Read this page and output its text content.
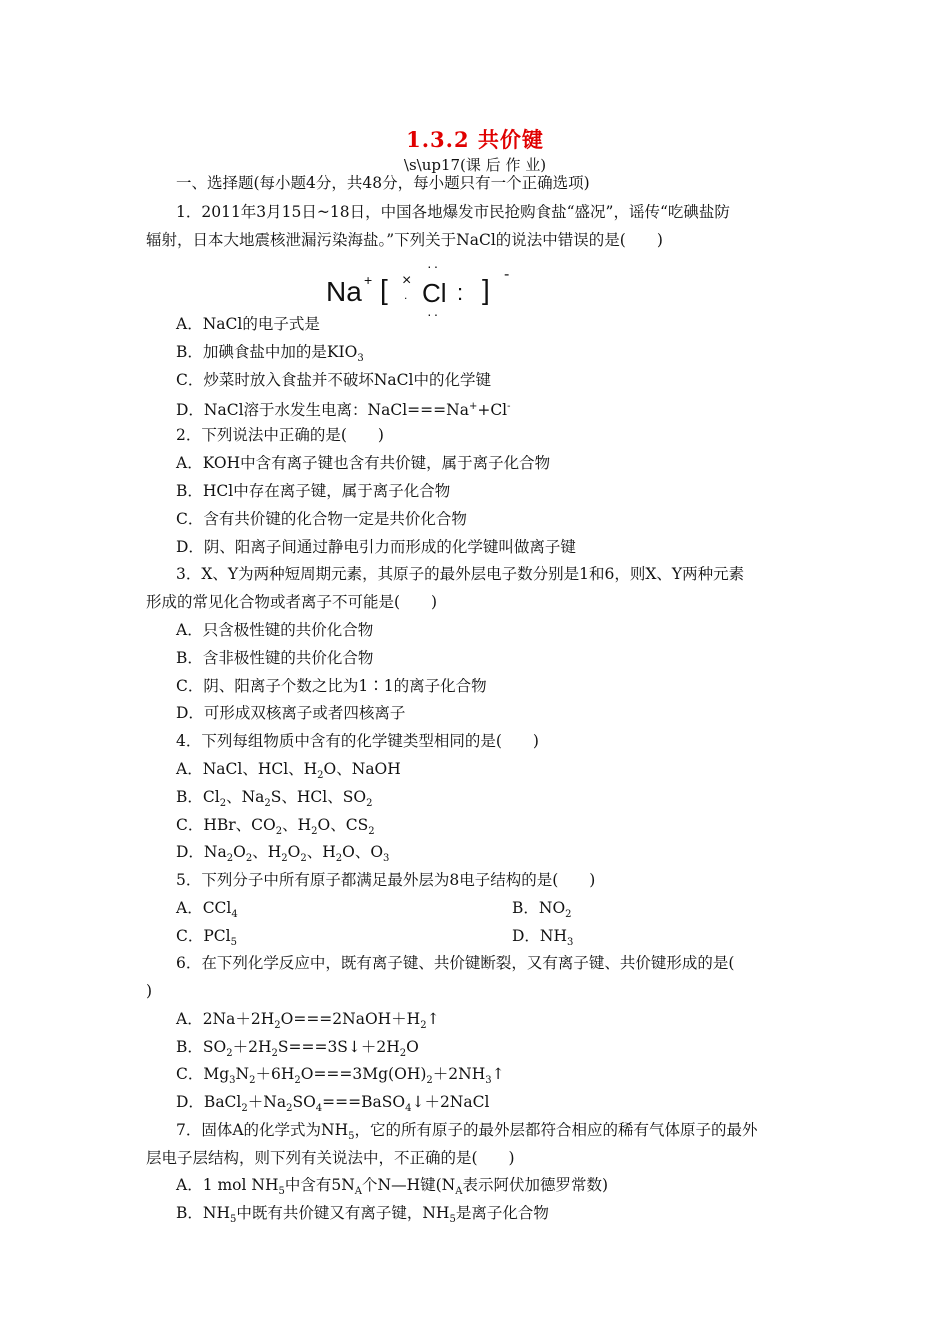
1.3.2 共价键
\s\up17(课 后 作 业)
一、选择题(每小题4分，共48分，每小题只有一个正确选项)
1．2011年3月15日~18日，中国各地爆发市民抢购食盐“盛况”，谣传“吃碘盐防
辐射，日本大地震核泄漏污染海盐。”下列关于NaCl的说法中错误的是(　　)
Na + [ ×
.
··
Cl :
··
] -
A．NaCl的电子式是
B．加碘食盐中加的是$KIO_3$
C．炒菜时放入食盐并不破坏NaCl中的化学键
D．NaCl溶于水发生电离：NaCl===Na++Cl-
2．下列说法中正确的是(　　)
A．KOH中含有离子键也含有共价键，属于离子化合物
B．HCl中存在离子键，属于离子化合物
C．含有共价键的化合物一定是共价化合物
D．阴、阳离子间通过静电引力而形成的化学键叫做离子键
3．X、Y为两种短周期元素，其原子的最外层电子数分别是1和6，则X、Y两种元素
形成的常见化合物或者离子不可能是(　　)
A．只含极性键的共价化合物
B．含非极性键的共价化合物
C．阴、阳离子个数之比为1∶1的离子化合物
D．可形成双核离子或者四核离子
4．下列每组物质中含有的化学键类型相同的是(　　)
A．NaCl、HCl、$H_2O$、NaOH
B．$Cl_2$、$Na_2S$、HCl、$SO_2$
C．HBr、$CO_2$、$H_2O$、$CS_2$
D．$Na_2O_2$、$H_2O_2$、$H_2O$、$O_3$
5．下列分子中所有原子都满足最外层为8电子结构的是(　　)
A．CCl$_4$	B．$NO_2$
C．PCl$_5$	D．$NH_3$
6．在下列化学反应中，既有离子键、共价键断裂，又有离子键、共价键形成的是(
)
A．$2Na+2H_2O===2NaOH+H_2↑$
B．$SO_2+2H_2S===3S↓+2H_2O$
C．$Mg_3N_2+6H_2O===3Mg(OH)_2+2NH_3↑$
D．$BaCl_2+Na_2SO_4===BaSO_4↓+2NaCl$
7．固体A的化学式为$NH_5$，它的所有原子的最外层都符合相应的稀有气体原子的最外
层电子层结构，则下列有关说法中，不正确的是(　　)
A．1 mol $NH_5$中含有$5N_A$个N—H键($N_A$表示阿伏加德罗常数)
B．$NH_5$中既有共价键又有离子键，$NH_5$是离子化合物
